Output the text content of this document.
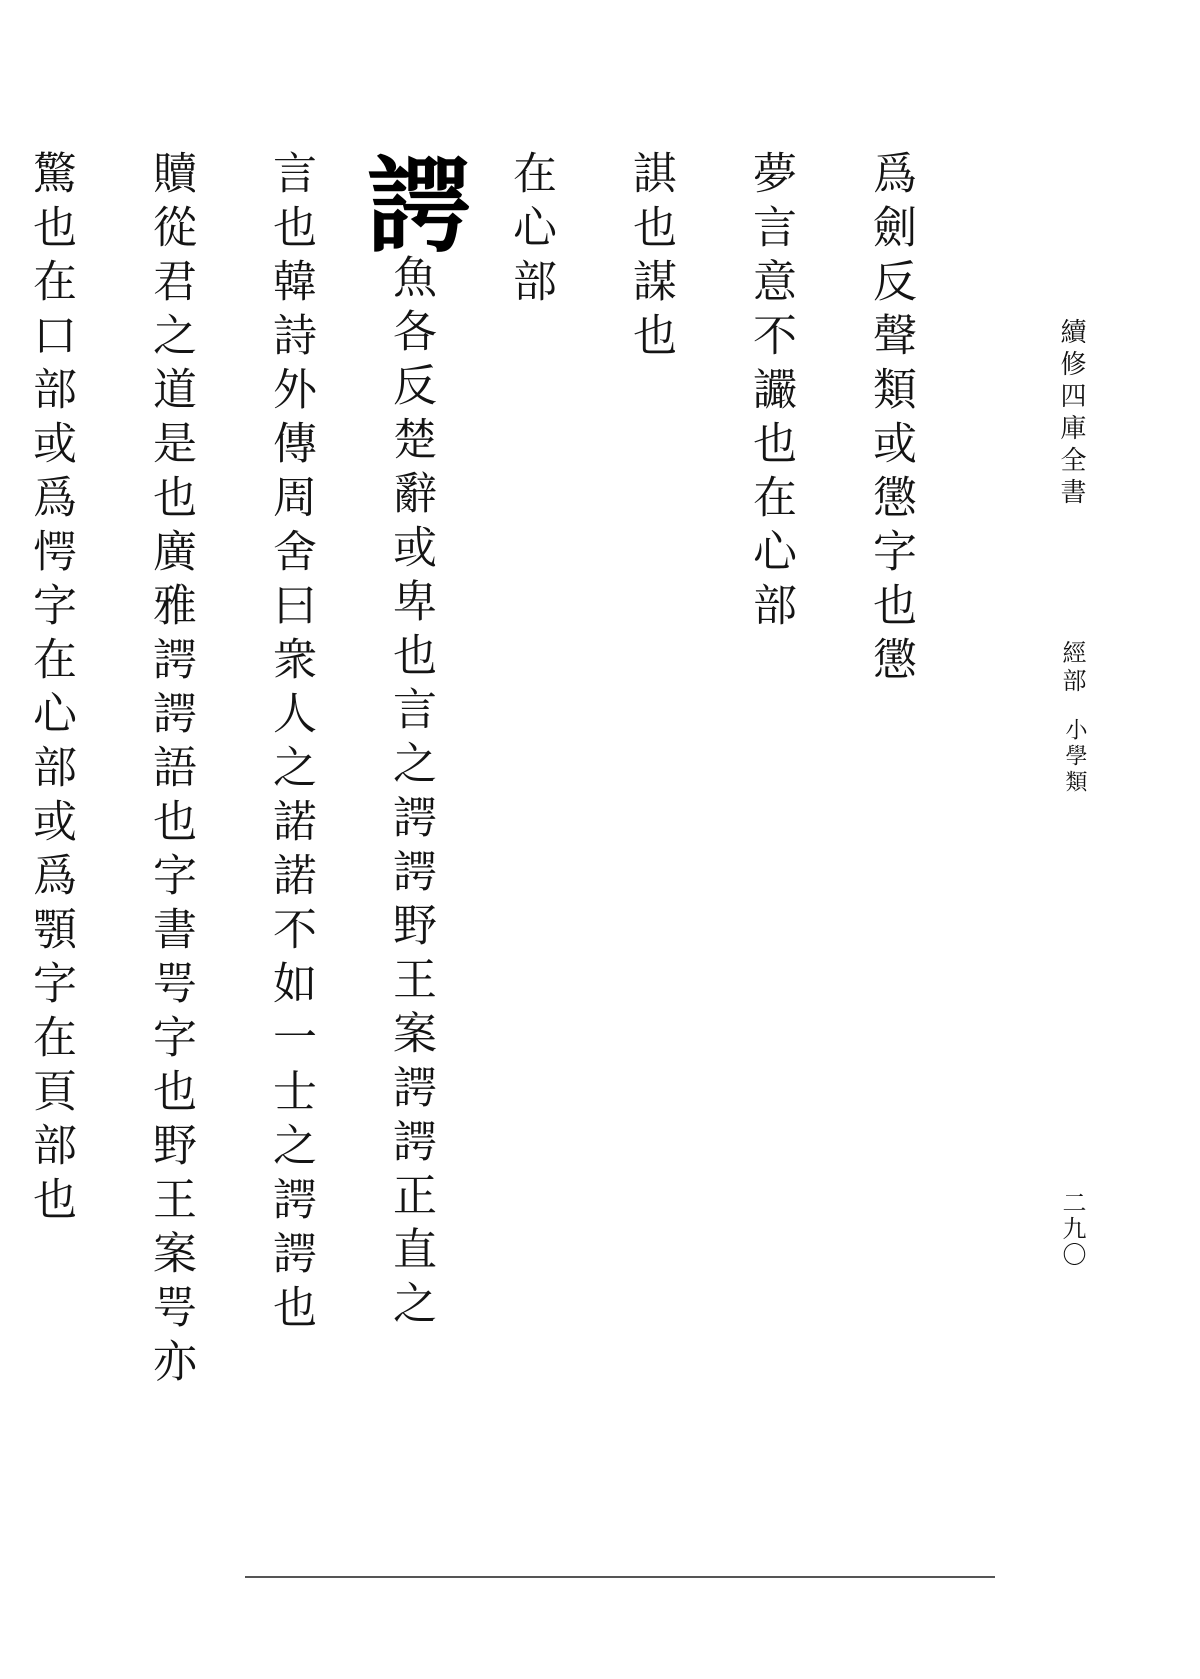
續修四庫全書
經部
小學類
二九〇

爲劍反聲類或懲字也懲

夢言意不讝也在心部

諆也謀也

在心部

諤魚各反楚辭或卑也言之諤諤野王案諤諤正直之

言也韓詩外傳周舍曰衆人之諾諾不如一士之諤諤也

贖從君之道是也廣雅諤諤語也字書咢字也野王案咢亦

驚也在口部或爲愕字在心部或爲顎字在頁部也
